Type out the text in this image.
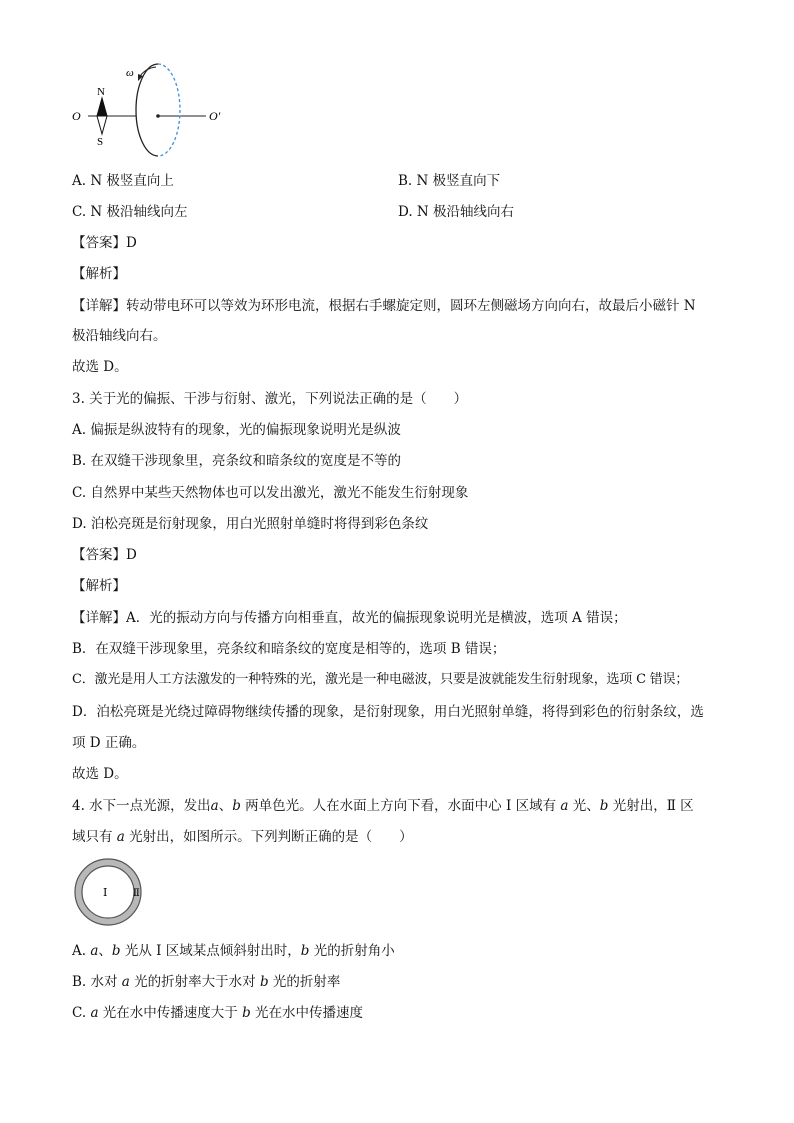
ω
O	O′
N
S
A. N 极竖直向上	B. N 极竖直向下
C. N 极沿轴线向左	D. N 极沿轴线向右
【答案】D
【解析】
【详解】转动带电环可以等效为环形电流，根据右手螺旋定则，圆环左侧磁场方向向右，故最后小磁针 N
极沿轴线向右。
故选 D。
3. 关于光的偏振、干涉与衍射、激光，下列说法正确的是（　　）
A. 偏振是纵波特有的现象，光的偏振现象说明光是纵波
B. 在双缝干涉现象里，亮条纹和暗条纹的宽度是不等的
C. 自然界中某些天然物体也可以发出激光，激光不能发生衍射现象
D. 泊松亮斑是衍射现象，用白光照射单缝时将得到彩色条纹
【答案】D
【解析】
【详解】A．光的振动方向与传播方向相垂直，故光的偏振现象说明光是横波，选项 A 错误；
B．在双缝干涉现象里，亮条纹和暗条纹的宽度是相等的，选项 B 错误；
C．激光是用人工方法激发的一种特殊的光，激光是一种电磁波，只要是波就能发生衍射现象，选项 C 错误；
D．泊松亮斑是光绕过障碍物继续传播的现象，是衍射现象，用白光照射单缝，将得到彩色的衍射条纹，选
项 D 正确。
故选 D。
4. 水下一点光源，发出a、b 两单色光。人在水面上方向下看，水面中心 Ⅰ 区域有 a 光、b 光射出，Ⅱ 区
域只有 a 光射出，如图所示。下列判断正确的是（　　）
Ⅰ	Ⅱ
A. a、b 光从 Ⅰ 区域某点倾斜射出时，b 光的折射角小
B. 水对 a 光的折射率大于水对 b 光的折射率
C. a 光在水中传播速度大于 b 光在水中传播速度
